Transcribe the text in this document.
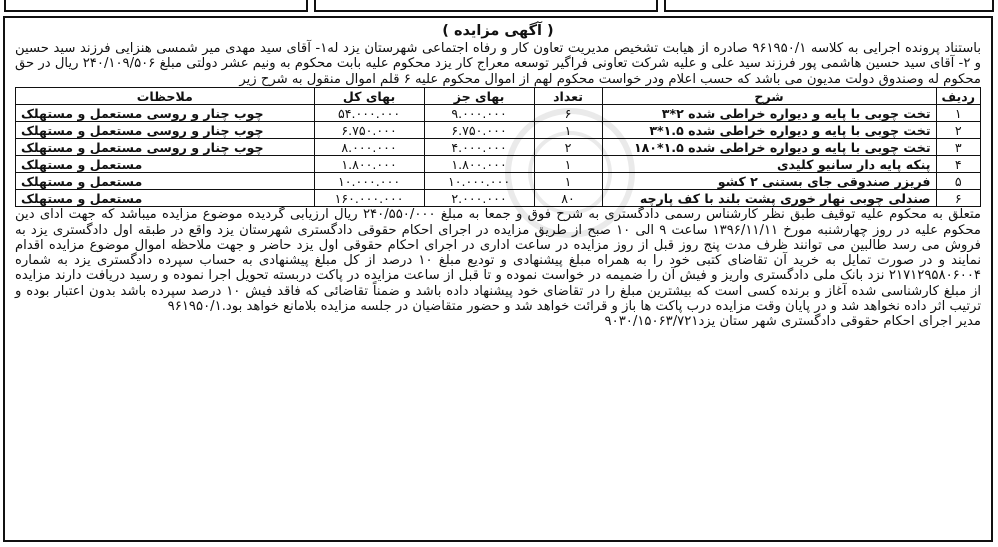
( آگهی مزایده )

باستناد پرونده اجرایی به کلاسه ۹۶۱۹۵۰/۱ صادره از هیابت تشخیص مدیریت تعاون کار و رفاه اجتماعی شهرستان یزد له۱- آقای سید مهدی میر شمسی هنزایی فرزند سید حسین و ۲- آقای سید حسین هاشمی پور فرزند سید علی و علیه شرکت تعاونی فراگیر توسعه معراج کار یزد محکوم علیه بابت محکوم به ونیم عشر دولتی مبلغ ۲۴۰/۱۰۹/۵۰۶ ریال در حق محکوم له وصندوق دولت مدیون می باشد که حسب اعلام ودر خواست محکوم لهم از اموال محکوم علیه ۶ قلم اموال منقول به شرح زیر

ردیف	شرح	تعداد	بهای جز	بهای کل	ملاحظات
۱	تخت چوبی با پایه و دیواره خراطی شده ۲*۳	۶	۹.۰۰۰.۰۰۰	۵۴.۰۰۰.۰۰۰	چوب چنار و روسی مستعمل و مستهلک
۲	تخت چوبی با پایه و دیواره خراطی شده ۱.۵*۳	۱	۶.۷۵۰.۰۰۰	۶.۷۵۰.۰۰۰	چوب چنار و روسی مستعمل و مستهلک
۳	تخت چوبی با پایه و دیواره خراطی شده ۱.۵*۱۸۰	۲	۴.۰۰۰.۰۰۰	۸.۰۰۰.۰۰۰	چوب چنار و روسی مستعمل و مستهلک
۴	پنکه پایه دار سانیو کلیدی	۱	۱.۸۰۰.۰۰۰	۱.۸۰۰.۰۰۰	مستعمل و مستهلک
۵	فریزر صندوقی جای بستنی ۲ کشو	۱	۱۰.۰۰۰.۰۰۰	۱۰.۰۰۰.۰۰۰	مستعمل و مستهلک
۶	صندلی چوبی نهار خوری پشت بلند با کف پارچه	۸۰	۲.۰۰۰.۰۰۰	۱۶۰.۰۰۰.۰۰۰	مستعمل و مستهلک

متعلق به محکوم علیه توقیف طبق نظر کارشناس رسمی دادگستری به شرح فوق و جمعا به مبلغ ۲۴۰/۵۵۰/۰۰۰ ریال ارزیابی گردیده موضوع مزایده میباشد که جهت ادای دین محکوم علیه در روز چهارشنبه مورخ ۱۳۹۶/۱۱/۱۱ ساعت ۹ الی ۱۰ صبح از طریق مزایده در اجرای احکام حقوقی دادگستری شهرستان یزد واقع در طبقه اول دادگستری یزد به فروش می رسد طالبین می توانند ظرف مدت پنج روز قبل از روز مزایده در ساعت اداری در اجرای احکام حقوقی اول یزد حاضر و جهت ملاحظه اموال موضوع مزایده اقدام نمایند و در صورت تمایل به خرید آن تقاضای کتبی خود را به همراه مبلغ پیشنهادی و تودیع مبلغ ۱۰ درصد از کل مبلغ پیشنهادی به حساب سپرده دادگستری یزد به شماره ۲۱۷۱۲۹۵۸۰۶۰۰۴ نزد بانک ملی دادگستری واریز و فیش آن را ضمیمه در خواست نموده و تا قبل از ساعت مزایده در پاکت دربسته تحویل اجرا نموده و رسید دریافت دارند مزایده از مبلغ کارشناسی شده آغاز و برنده کسی است که بیشترین مبلغ را در تقاضای خود پیشنهاد داده باشد و ضمناً تقاضائی که فاقد فیش ۱۰ درصد سپرده باشد بدون اعتبار بوده و ترتیب اثر داده نخواهد شد و در پایان وقت مزایده درب پاکت ها باز و قرائت خواهد شد و حضور متقاضیان در جلسه مزایده بلامانع خواهد بود.۹۶۱۹۵۰/۱

مدیر اجرای احکام حقوقی دادگستری شهر ستان یزد۹۰۳۰/۱۵۰۶۳/۷۲۱
